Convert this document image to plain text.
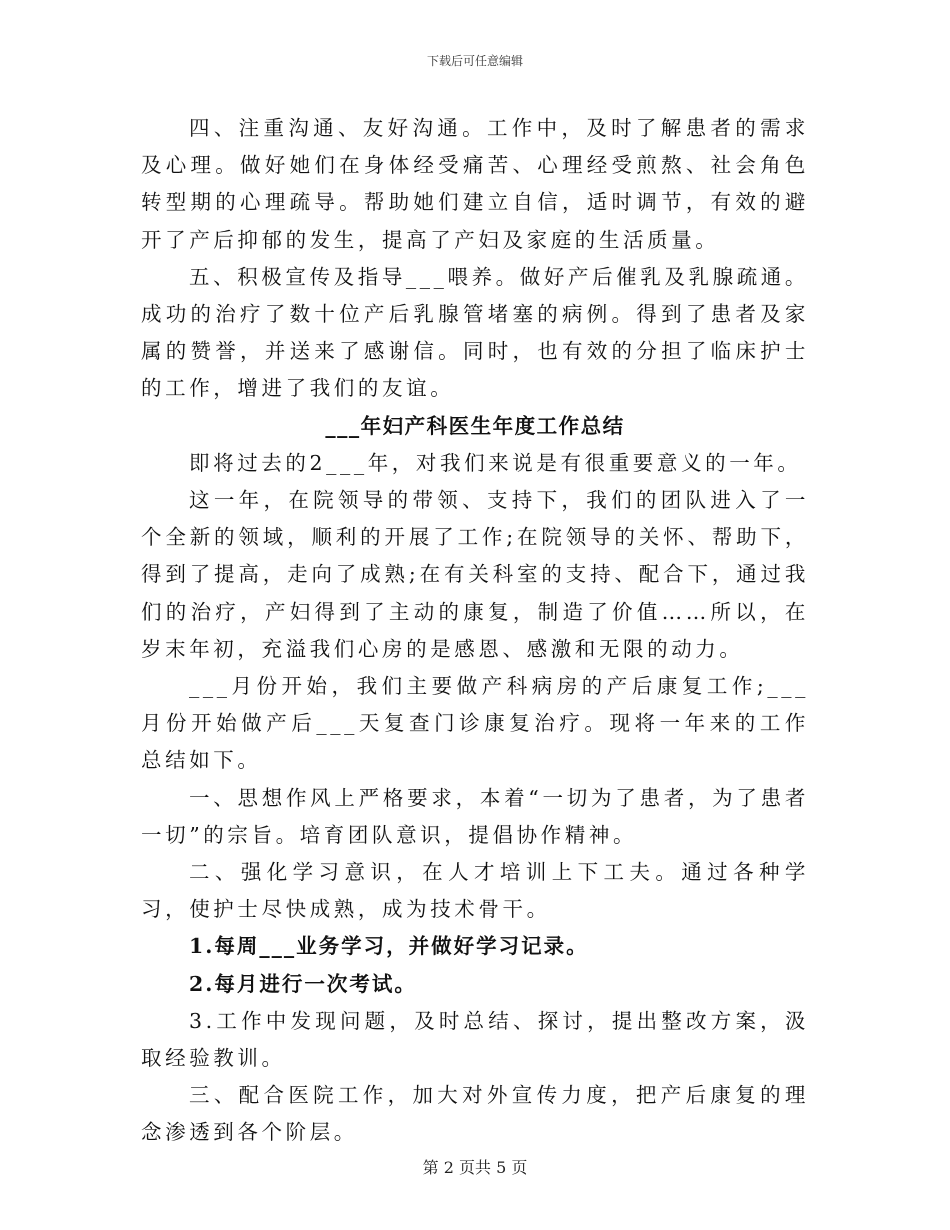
下载后可任意编辑

四、注重沟通、友好沟通。工作中，及时了解患者的需求及心理。做好她们在身体经受痛苦、心理经受煎熬、社会角色转型期的心理疏导。帮助她们建立自信，适时调节，有效的避开了产后抑郁的发生，提高了产妇及家庭的生活质量。

五、积极宣传及指导___喂养。做好产后催乳及乳腺疏通。成功的治疗了数十位产后乳腺管堵塞的病例。得到了患者及家属的赞誉，并送来了感谢信。同时，也有效的分担了临床护士的工作，增进了我们的友谊。

___年妇产科医生年度工作总结

即将过去的2___年，对我们来说是有很重要意义的一年。

这一年，在院领导的带领、支持下，我们的团队进入了一个全新的领域，顺利的开展了工作;在院领导的关怀、帮助下，得到了提高，走向了成熟;在有关科室的支持、配合下，通过我们的治疗，产妇得到了主动的康复，制造了价值……所以，在岁末年初，充溢我们心房的是感恩、感激和无限的动力。

___月份开始，我们主要做产科病房的产后康复工作;___月份开始做产后___天复查门诊康复治疗。现将一年来的工作总结如下。

一、思想作风上严格要求，本着“一切为了患者，为了患者一切”的宗旨。培育团队意识，提倡协作精神。

二、强化学习意识，在人才培训上下工夫。通过各种学习，使护士尽快成熟，成为技术骨干。

1.每周___业务学习，并做好学习记录。

2.每月进行一次考试。

3.工作中发现问题，及时总结、探讨，提出整改方案，汲取经验教训。

三、配合医院工作，加大对外宣传力度，把产后康复的理念渗透到各个阶层。

第 2 页共 5 页
